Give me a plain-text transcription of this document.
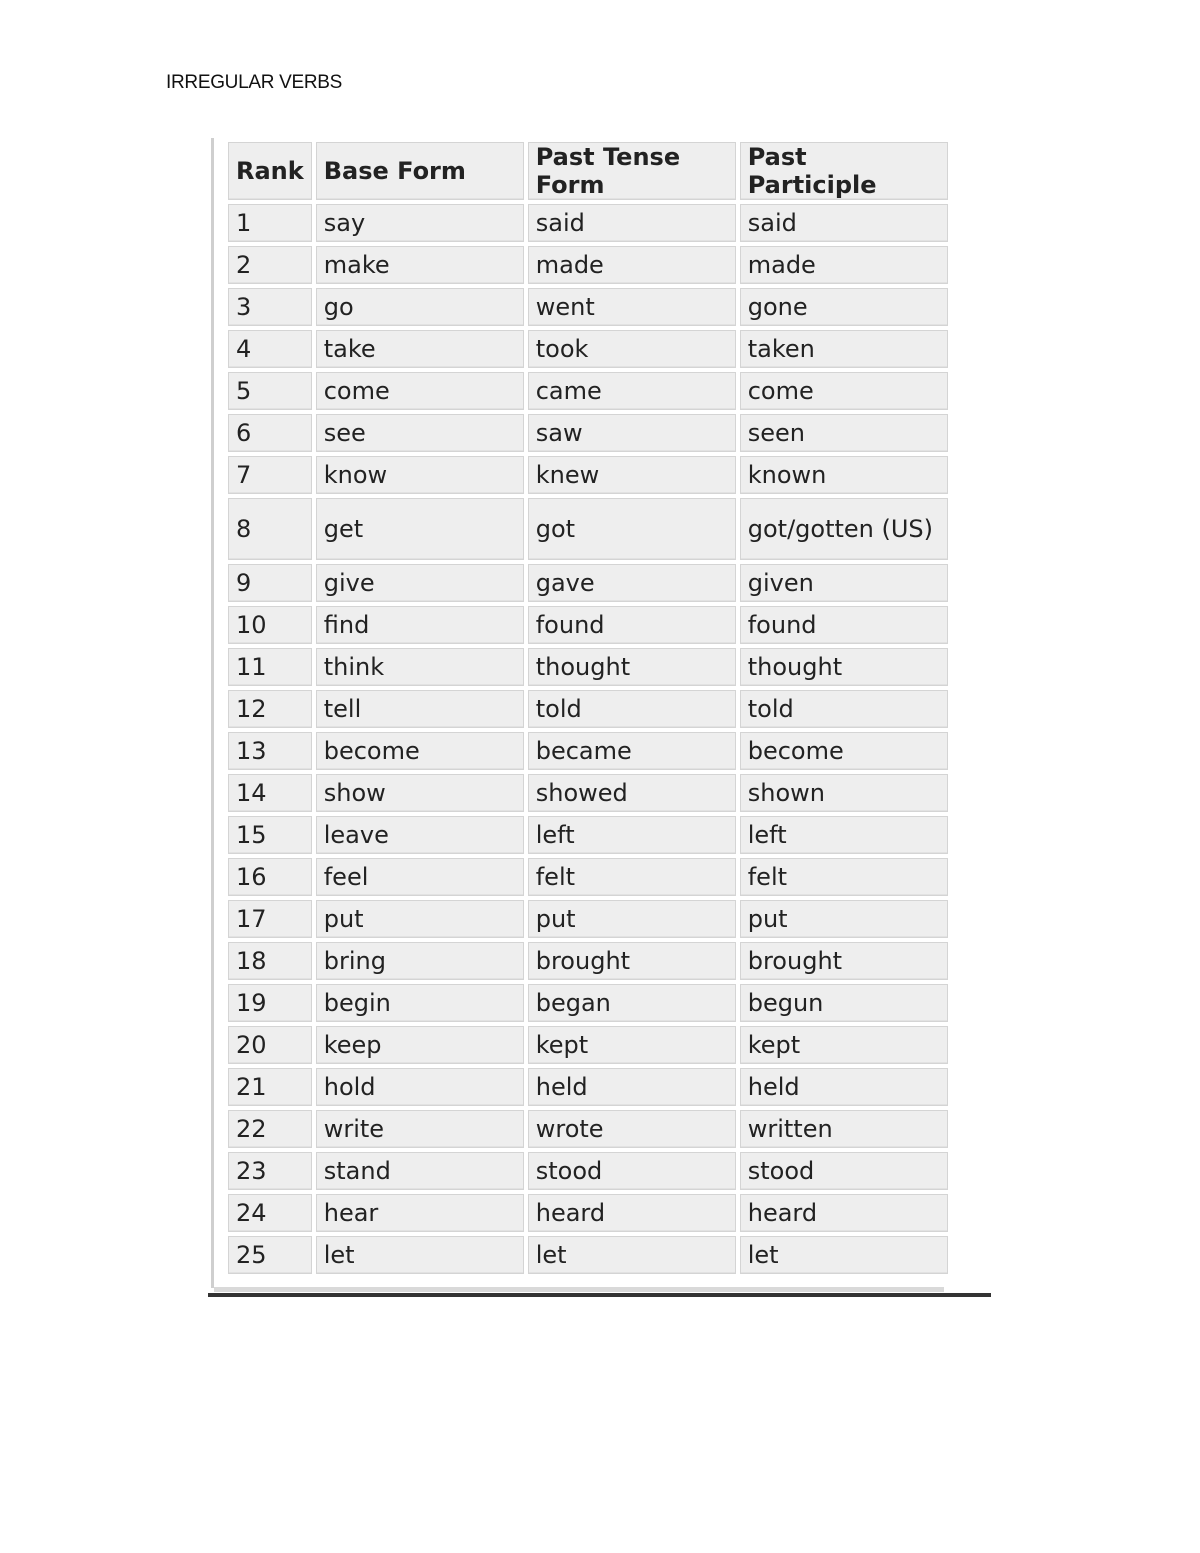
IRREGULAR VERBS
Rank	Base Form	Past Tense Form	Past Participle
1	say	said	said
2	make	made	made
3	go	went	gone
4	take	took	taken
5	come	came	come
6	see	saw	seen
7	know	knew	known
8	get	got	got/gotten (US)
9	give	gave	given
10	find	found	found
11	think	thought	thought
12	tell	told	told
13	become	became	become
14	show	showed	shown
15	leave	left	left
16	feel	felt	felt
17	put	put	put
18	bring	brought	brought
19	begin	began	begun
20	keep	kept	kept
21	hold	held	held
22	write	wrote	written
23	stand	stood	stood
24	hear	heard	heard
25	let	let	let
